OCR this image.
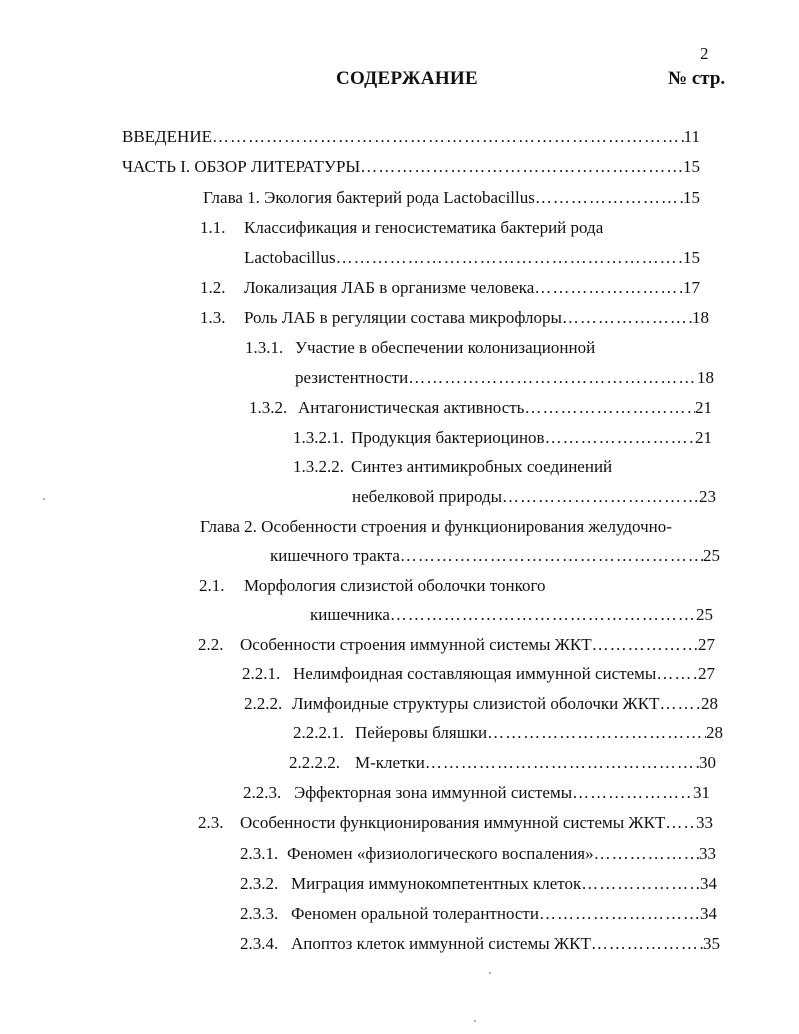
2
СОДЕРЖАНИЕ	№ стр.
ВВЕДЕНИЕ ……………………………………………………………………………………………………………………………………………………	11
ЧАСТЬ I. ОБЗОР ЛИТЕРАТУРЫ ……………………………………………………………………………………………………………………………………………………	15
Глава 1. Экология бактерий рода Lactobacillus ……………………………………………………………………………………………………………………………………………………	15
1.1.	Классификация и геносистематика бактерий рода
Lactobacillus ……………………………………………………………………………………………………………………………………………………	15
1.2.	Локализация ЛАБ в организме человека ……………………………………………………………………………………………………………………………………………………	17
1.3.	Роль ЛАБ в регуляции состава микрофлоры ……………………………………………………………………………………………………………………………………………………	18
1.3.1. Участие в обеспечении колонизационной
резистентности ……………………………………………………………………………………………………………………………………………………	18
1.3.2. Антагонистическая активность ……………………………………………………………………………………………………………………………………………………	21
1.3.2.1. Продукция бактериоцинов ……………………………………………………………………………………………………………………………………………………	21
1.3.2.2. Синтез антимикробных соединений
небелковой природы ……………………………………………………………………………………………………………………………………………………	23
Глава 2. Особенности строения и функционирования желудочно-
кишечного тракта ……………………………………………………………………………………………………………………………………………………	25
2.1.	Морфология слизистой оболочки тонкого
кишечника ……………………………………………………………………………………………………………………………………………………	25
2.2. Особенности строения иммунной системы ЖКТ ……………………………………………………………………………………………………………………………………………………	27
2.2.1. Нелимфоидная составляющая иммунной системы …………………………………………………………………………………………………………………………………………………… 27
2.2.2. Лимфоидные структуры слизистой оболочки ЖКТ …………………………………………………………………………………………………………………………………………………… 28
2.2.2.1. Пейеровы бляшки ……………………………………………………………………………………………………………………………………………………	28
2.2.2.2. М-клетки ……………………………………………………………………………………………………………………………………………………	30
2.2.3. Эффекторная зона иммунной системы ……………………………………………………………………………………………………………………………………………………	31
2.3. Особенности функционирования иммунной системы ЖКТ …………………………………………………………………………………………………………………………………………………… 33
2.3.1. Феномен «физиологического воспаления» ……………………………………………………………………………………………………………………………………………………	33
2.3.2. Миграция иммунокомпетентных клеток ……………………………………………………………………………………………………………………………………………………	34
2.3.3. Феномен оральной толерантности ……………………………………………………………………………………………………………………………………………………	34
2.3.4. Апоптоз клеток иммунной системы ЖКТ ……………………………………………………………………………………………………………………………………………………	35
